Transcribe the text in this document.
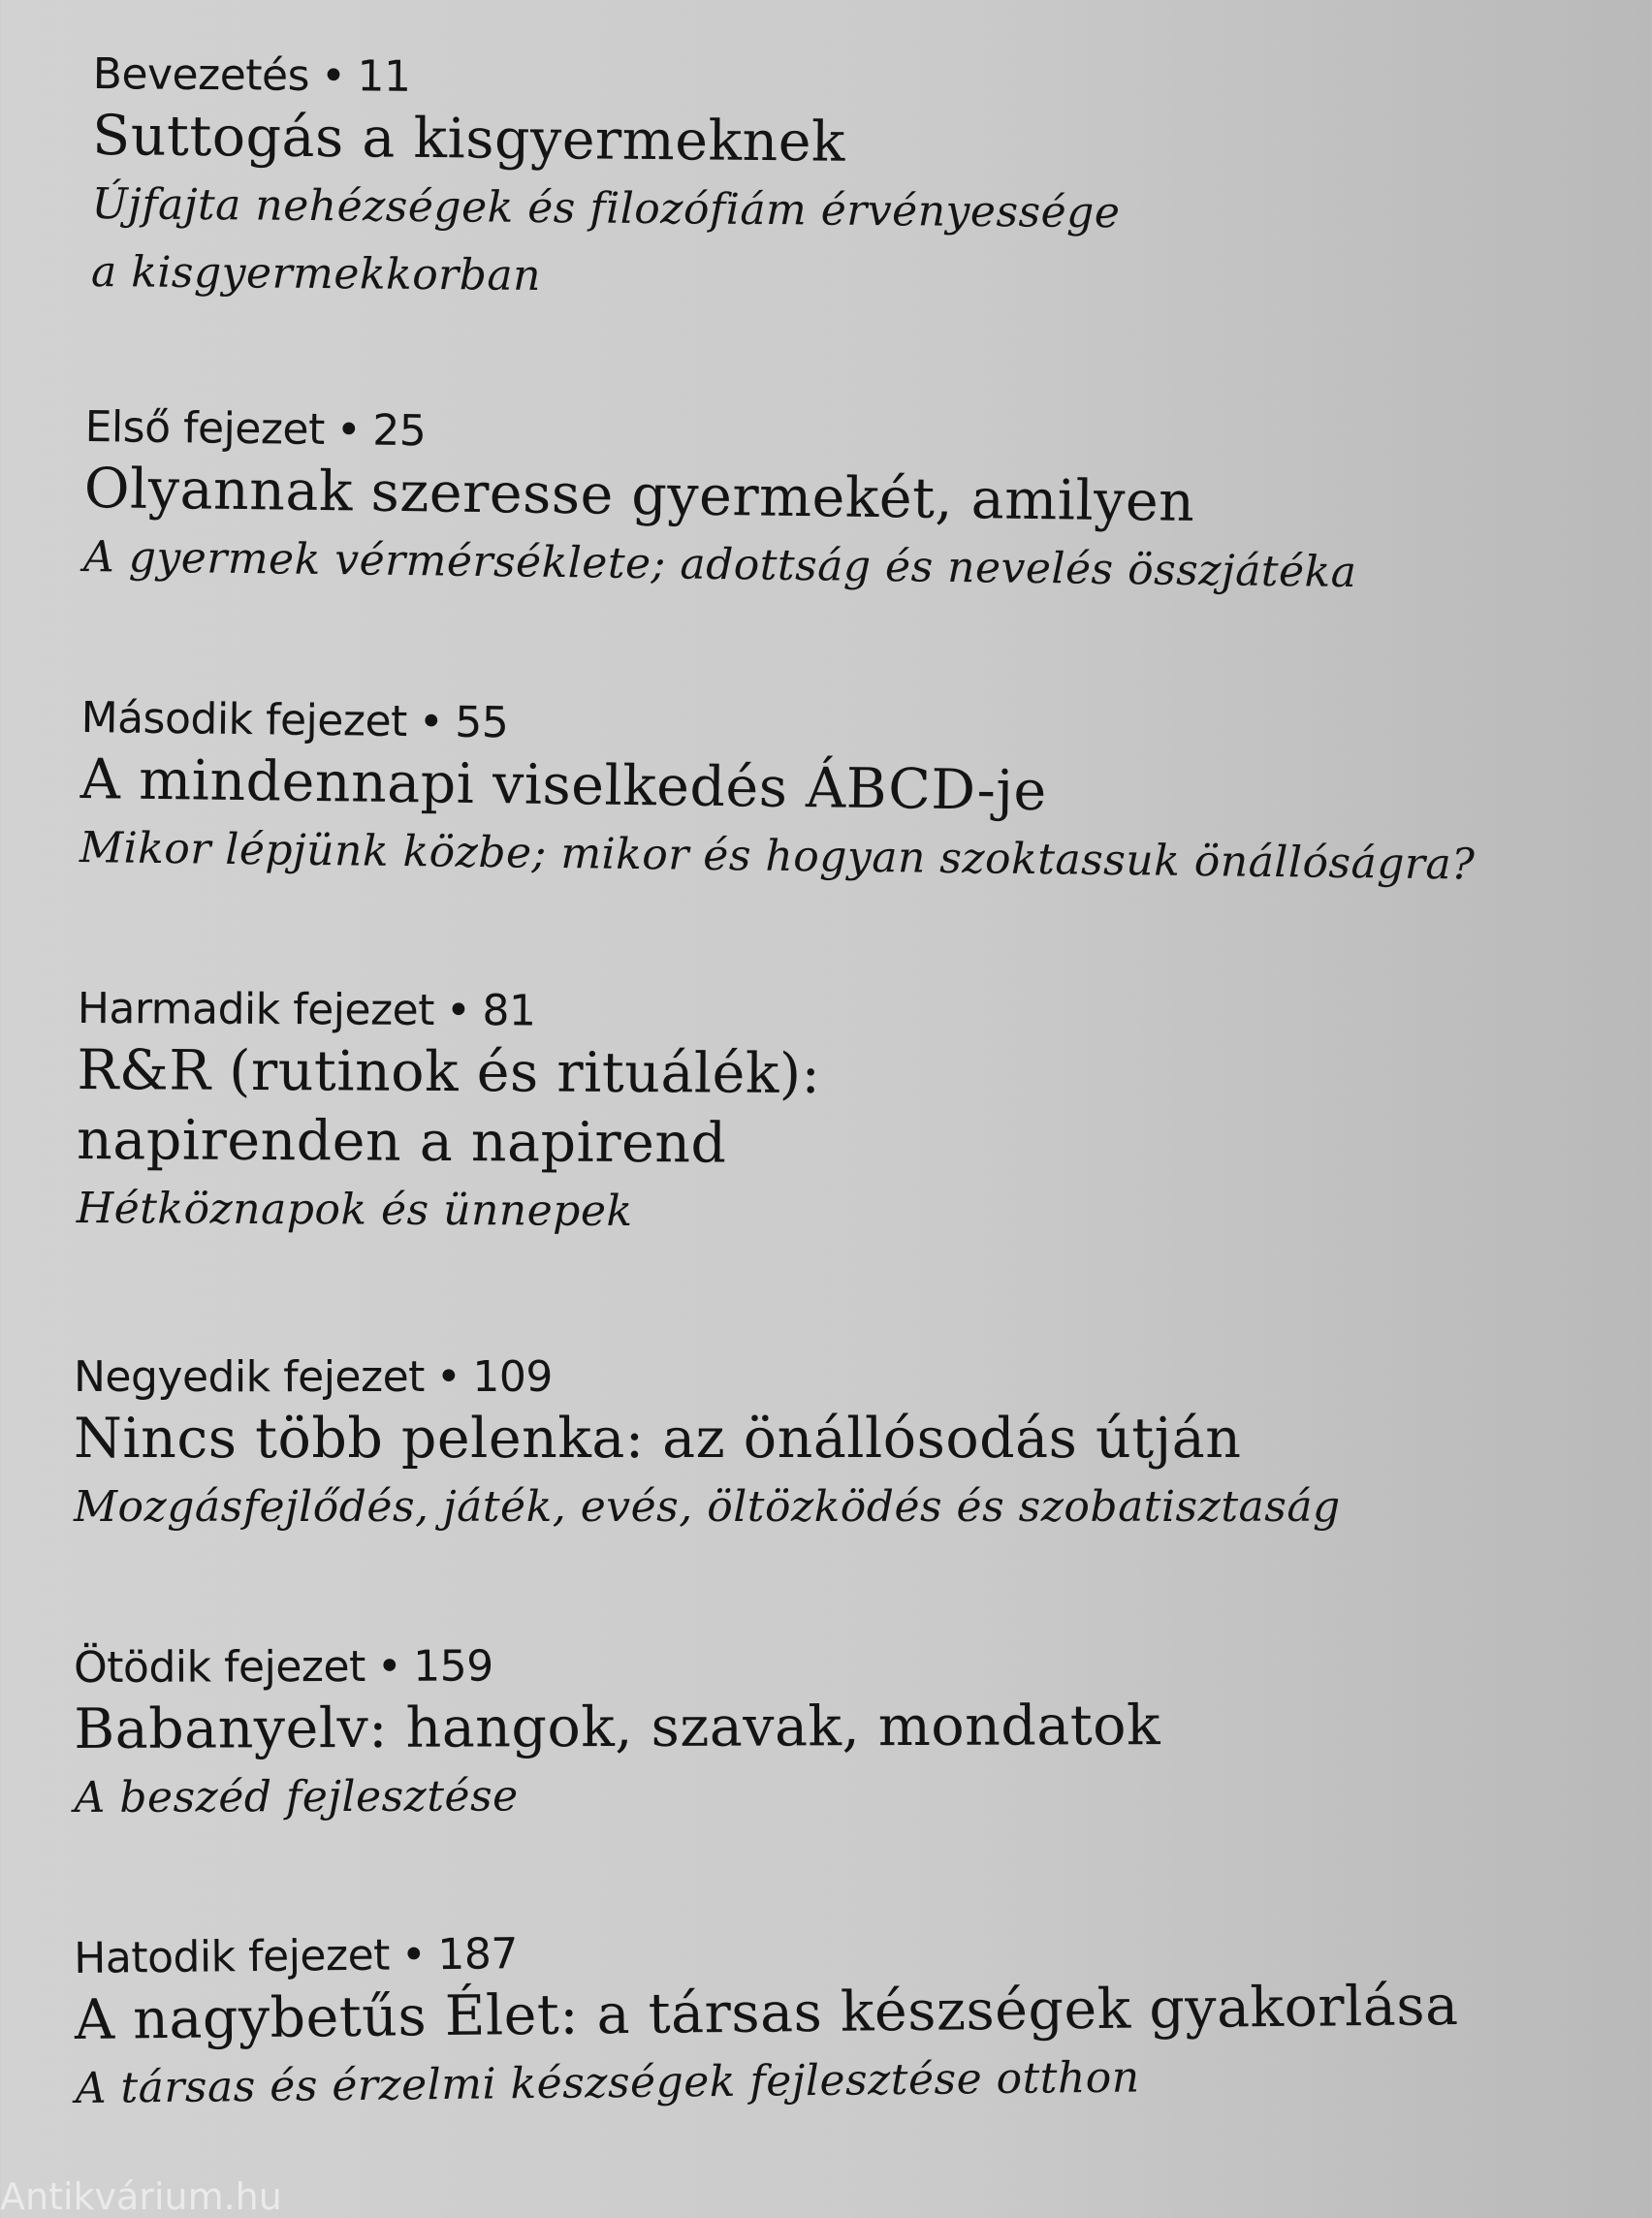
Bevezetés • 11
Suttogás a kisgyermeknek
Újfajta nehézségek és filozófiám érvényessége
a kisgyermekkorban
Első fejezet • 25
Olyannak szeresse gyermekét, amilyen
A gyermek vérmérséklete; adottság és nevelés összjátéka
Második fejezet • 55
A mindennapi viselkedés ÁBCD-je
Mikor lépjünk közbe; mikor és hogyan szoktassuk önállóságra?
Harmadik fejezet • 81
R&R (rutinok és rituálék):
napirenden a napirend
Hétköznapok és ünnepek
Negyedik fejezet • 109
Nincs több pelenka: az önállósodás útján
Mozgásfejlődés, játék, evés, öltözködés és szobatisztaság
Ötödik fejezet • 159
Babanyelv: hangok, szavak, mondatok
A beszéd fejlesztése
Hatodik fejezet • 187
A nagybetűs Élet: a társas készségek gyakorlása
A társas és érzelmi készségek fejlesztése otthon
Antikvárium.hu
